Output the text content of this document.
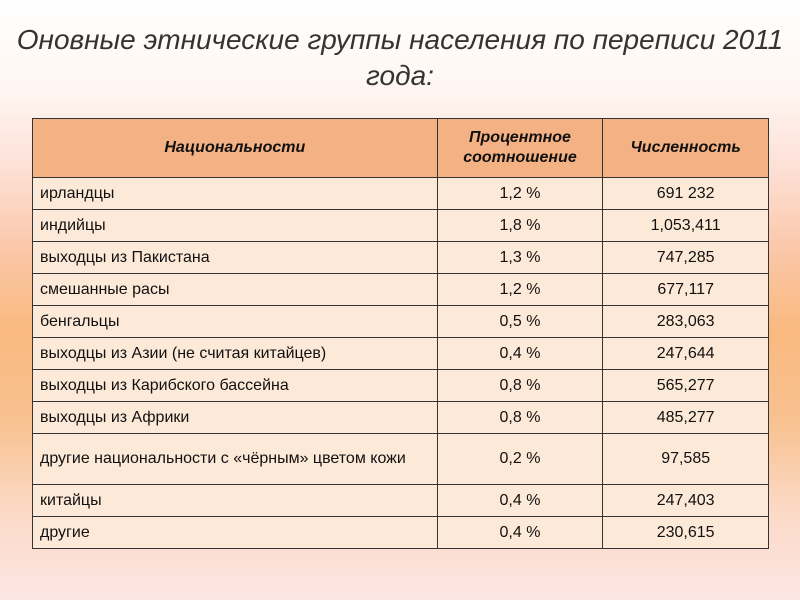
Оновные этнические группы населения по переписи 2011 года:
Национальности	Процентное соотношение	Численность
ирландцы	1,2 %	691 232
индийцы	1,8 %	1,053,411
выходцы из Пакистана	1,3 %	747,285
смешанные расы	1,2 %	677,117
бенгальцы	0,5 %	283,063
выходцы из Азии (не считая китайцев)	0,4 %	247,644
выходцы из Карибского бассейна	0,8 %	565,277
выходцы из Африки	0,8 %	485,277
другие национальности с «чёрным» цветом кожи	0,2 %	97,585
китайцы	0,4 %	247,403
другие	0,4 %	230,615
